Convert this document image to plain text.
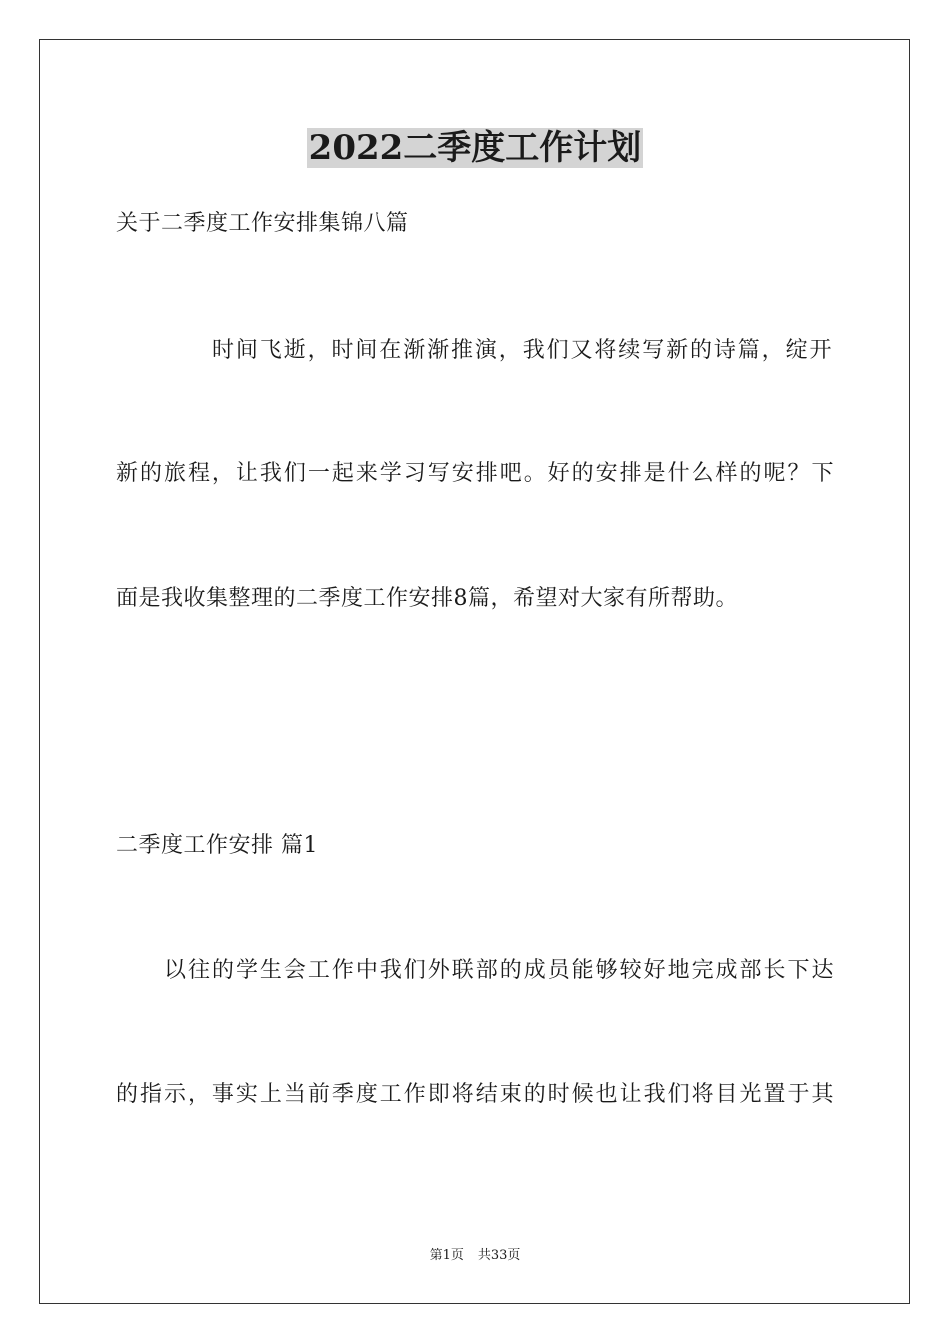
2022二季度工作计划
关于二季度工作安排集锦八篇
时间飞逝，时间在渐渐推演，我们又将续写新的诗篇，绽开
新的旅程，让我们一起来学习写安排吧。好的安排是什么样的呢？下
面是我收集整理的二季度工作安排8篇，希望对大家有所帮助。
二季度工作安排 篇1
以往的学生会工作中我们外联部的成员能够较好地完成部长下达
的指示，事实上当前季度工作即将结束的时候也让我们将目光置于其
第1页 共33页
